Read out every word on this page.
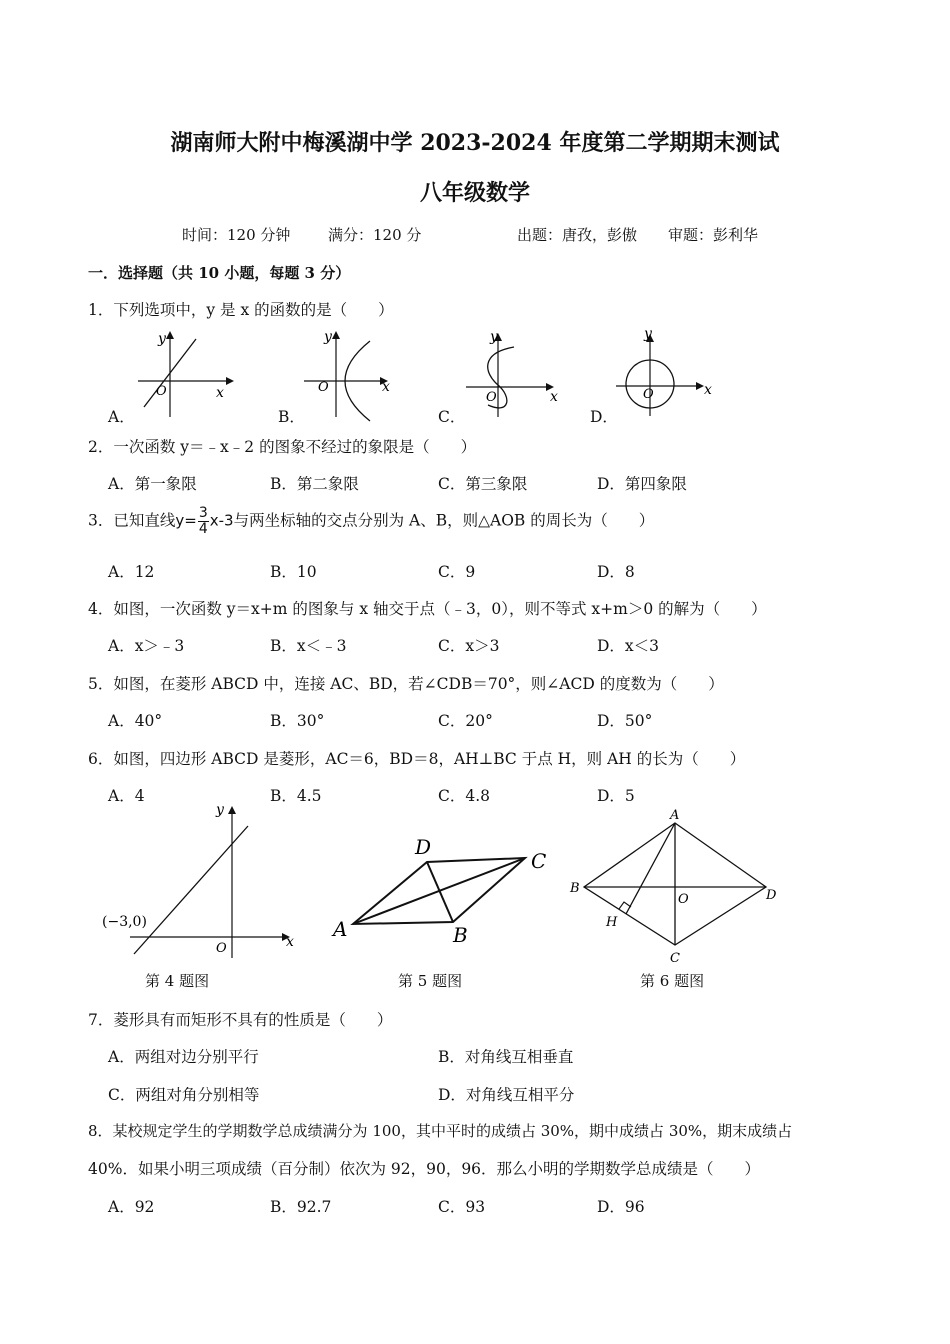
湖南师大附中梅溪湖中学 2023-2024 年度第二学期期末测试
八年级数学
时间：120 分钟	满分：120 分	出题：唐孜，彭傲 审题：彭利华
一．选择题（共 10 小题，每题 3 分）
1．下列选项中，y 是 x 的函数的是（　　）
y
x
O
y
x
O
y
x
O
y
x
O
A．	B．	C．	D．
2．一次函数 y＝﹣x﹣2 的图象不经过的象限是（　　）
A．第一象限	B．第二象限	C．第三象限	D．第四象限
3．已知直线$y= \frac{3}{4} x-3$与两坐标轴的交点分别为 A、B，则△AOB 的周长为（　　）
A．12	B．10	C．9	D．8
4．如图，一次函数 y＝x+m 的图象与 x 轴交于点（﹣3，0），则不等式 x+m＞0 的解为（　　）
A．x＞﹣3	B．x＜﹣3	C．x＞3	D．x＜3
5．如图，在菱形 ABCD 中，连接 AC、BD，若∠CDB＝70°，则∠ACD 的度数为（　　）
A．40°	B．30°	C．20°	D．50°
6．如图，四边形 ABCD 是菱形，AC＝6，BD＝8，AH⊥BC 于点 H，则 AH 的长为（　　）
A．4	B．4.5	C．4.8	D．5
y
x
O
(−3,0)	A	B
C
D
A
B
C
D
O
H
第 4 题图	第 5 题图	第 6 题图
7．菱形具有而矩形不具有的性质是（　　）
A．两组对边分别平行	B．对角线互相垂直
C．两组对角分别相等	D．对角线互相平分
8．某校规定学生的学期数学总成绩满分为 100，其中平时的成绩占 30%，期中成绩占 30%，期末成绩占
40%．如果小明三项成绩（百分制）依次为 92，90，96．那么小明的学期数学总成绩是（　　）
A．92	B．92.7	C．93	D．96
